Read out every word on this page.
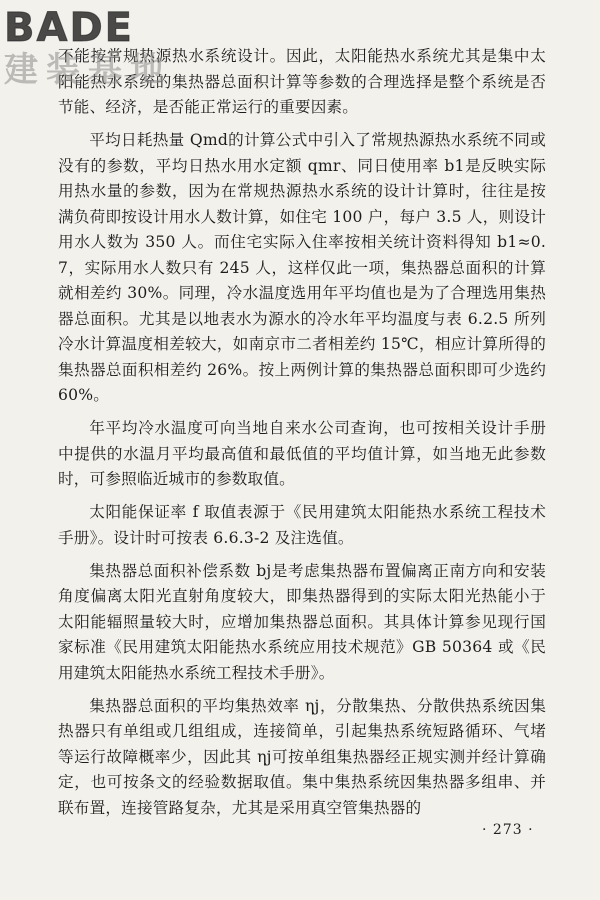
不能按常规热源热水系统设计。因此，太阳能热水系统尤其是集中太阳能热水系统的集热器总面积计算等参数的合理选择是整个系统是否节能、经济，是否能正常运行的重要因素。

平均日耗热量 Qmd的计算公式中引入了常规热源热水系统不同或没有的参数，平均日热水用水定额 qmr、同日使用率 b1是反映实际用热水量的参数，因为在常规热源热水系统的设计计算时，往往是按满负荷即按设计用水人数计算，如住宅 100 户，每户 3.5 人，则设计用水人数为 350 人。而住宅实际入住率按相关统计资料得知 b1≈0.7，实际用水人数只有 245 人，这样仅此一项，集热器总面积的计算就相差约 30%。同理，冷水温度选用年平均值也是为了合理选用集热器总面积。尤其是以地表水为源水的冷水年平均温度与表 6.2.5 所列冷水计算温度相差较大，如南京市二者相差约 15℃，相应计算所得的集热器总面积相差约 26%。按上两例计算的集热器总面积即可少选约 60%。

年平均冷水温度可向当地自来水公司查询，也可按相关设计手册中提供的水温月平均最高值和最低值的平均值计算，如当地无此参数时，可参照临近城市的参数取值。

太阳能保证率 f 取值表源于《民用建筑太阳能热水系统工程技术手册》。设计时可按表 6.6.3-2 及注选值。

集热器总面积补偿系数 bj是考虑集热器布置偏离正南方向和安装角度偏离太阳光直射角度较大，即集热器得到的实际太阳光热能小于太阳能辐照量较大时，应增加集热器总面积。其具体计算参见现行国家标准《民用建筑太阳能热水系统应用技术规范》GB 50364 或《民用建筑太阳能热水系统工程技术手册》。

集热器总面积的平均集热效率 ηj，分散集热、分散供热系统因集热器只有单组或几组组成，连接简单，引起集热系统短路循环、气堵等运行故障概率少，因此其 ηj可按单组集热器经正规实测并经计算确定，也可按条文的经验数据取值。集中集热系统因集热器多组串、并联布置，连接管路复杂，尤其是采用真空管集热器的

BADE
建装基地
· 273 ·
